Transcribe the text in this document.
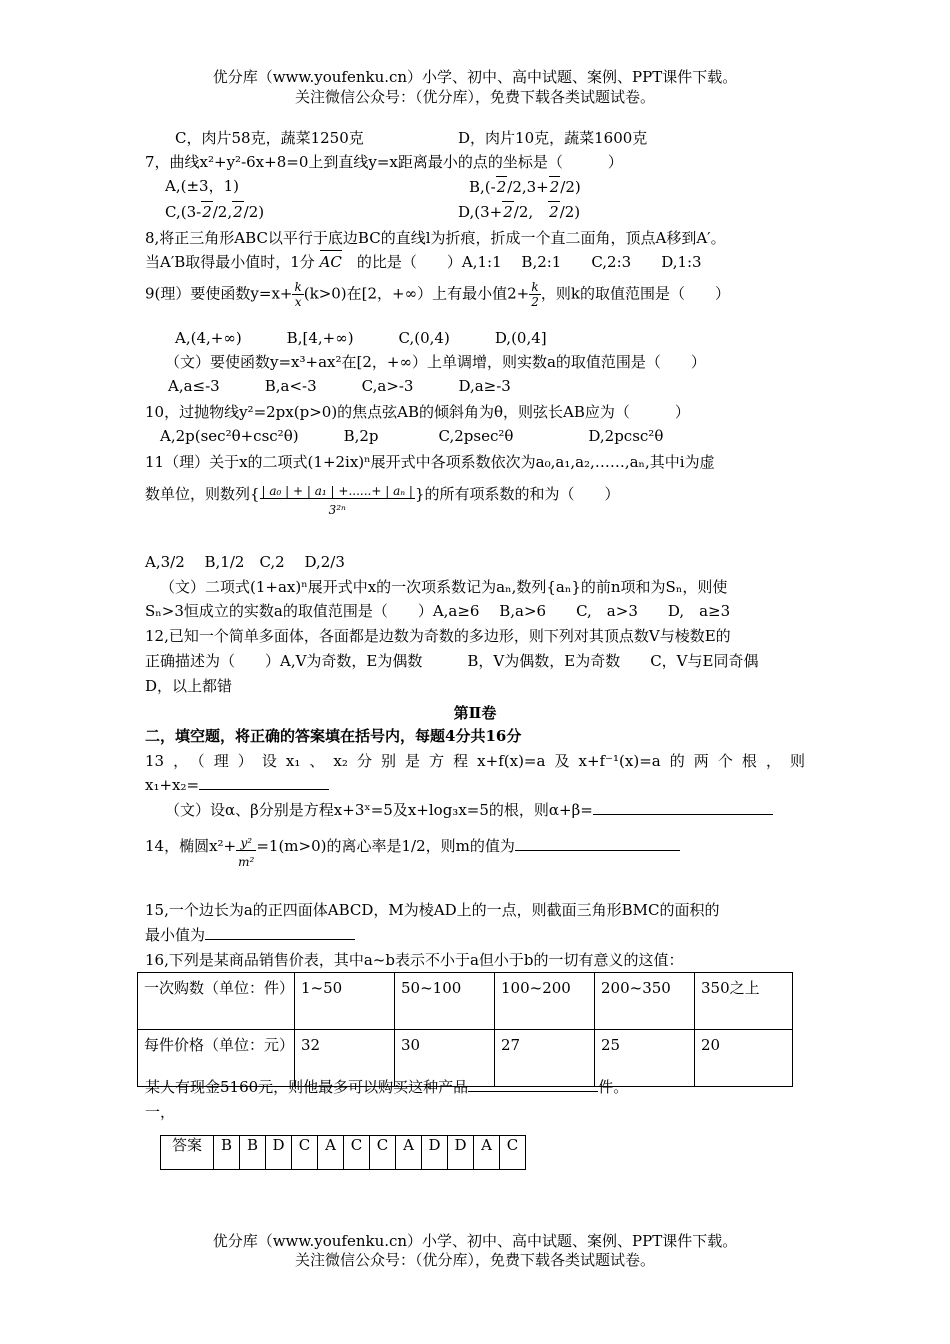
优分库（www.youfenku.cn）小学、初中、高中试题、案例、PPT课件下载。
关注微信公众号：（优分库），免费下载各类试题试卷。
C，肉片58克，蔬菜1250克	D，肉片10克，蔬菜1600克
7，曲线x²+y²-6x+8=0上到直线y=x距离最小的点的坐标是（　　　）
A,(±3，1)	B,(-2/2,3+2/2)
C,(3-2/2,2/2)	D,(3+2/2,　2/2)
8,将正三角形ABC以平行于底边BC的直线l为折痕，折成一个直二面角，顶点A移到A′。
当A′B取得最小值时，1分 AC　的比是（　　）A,1:1　 B,2:1　　C,2:3　　D,1:3
9(理）要使函数$y=x+ \frac{k}{x} (k>0)$在[2，+∞）上有最小值$2+ \frac{k}{2}$ ，则k的取值范围是（　　）
A,(4,+∞)　　　B,[4,+∞)　　　C,(0,4)　　　D,(0,4]
（文）要使函数y=x³+ax²在[2，+∞）上单调增，则实数a的取值范围是（　　）
A,a≤-3　　　B,a<-3　　　C,a>-3　　　D,a≥-3
10，过抛物线y²=2px(p>0)的焦点弦AB的倾斜角为θ，则弦长AB应为（　　　）
A,2p(sec²θ+csc²θ)　　　B,2p　　　　C,2psec²θ　　　　　D,2pcsc²θ
11（理）关于x的二项式(1+2ix)ⁿ展开式中各项系数依次为a₀,a₁,a₂,……,aₙ,其中i为虚
数单位，则数列{ $\frac{\text{| a₀ | + | a₁ | +......+ | aₙ |}}{\text{3²ⁿ}}$ }的所有项系数的和为（　　）
A,3/2　 B,1/2　C,2　 D,2/3
（文）二项式(1+ax)ⁿ展开式中x的一次项系数记为aₙ,数列{aₙ}的前n项和为Sₙ，则使
Sₙ>3恒成立的实数a的取值范围是（　　）A,a≥6　 B,a>6　　C,　a>3　　D,　a≥3
12,已知一个简单多面体，各面都是边数为奇数的多边形，则下列对其顶点数V与棱数E的
正确描述为（　　）A,V为奇数，E为偶数　　　B，V为偶数，E为奇数　　C，V与E同奇偶
D，以上都错
第Ⅱ卷
二，填空题，将正确的答案填在括号内，每题4分共16分
13，（理）设x₁、x₂分别是方程x+f(x)=a及x+f⁻¹(x)=a的两个根，则
x₁+x₂=
（文）设α、β分别是方程x+3ˣ=5及x+log₃x=5的根，则α+β=
14，椭圆$x^2+ \frac{\text{y²}}{\text{m²}} =1(m>0)$的离心率是1/2，则m的值为
15,一个边长为a的正四面体ABCD，M为棱AD上的一点，则截面三角形BMC的面积的
最小值为
16,下列是某商品销售价表，其中a~b表示不小于a但小于b的一切有意义的这值：
一次购数（单位：件）	1~50	50~100	100~200	200~350	350之上
每件价格（单位：元）	32	30	27	25	20
某人有现金5160元，则他最多可以购买这种产品	件。
一，
答案	B	B	D	C	A	C	C	A	D	D	A	C
优分库（www.youfenku.cn）小学、初中、高中试题、案例、PPT课件下载。
关注微信公众号：（优分库），免费下载各类试题试卷。
